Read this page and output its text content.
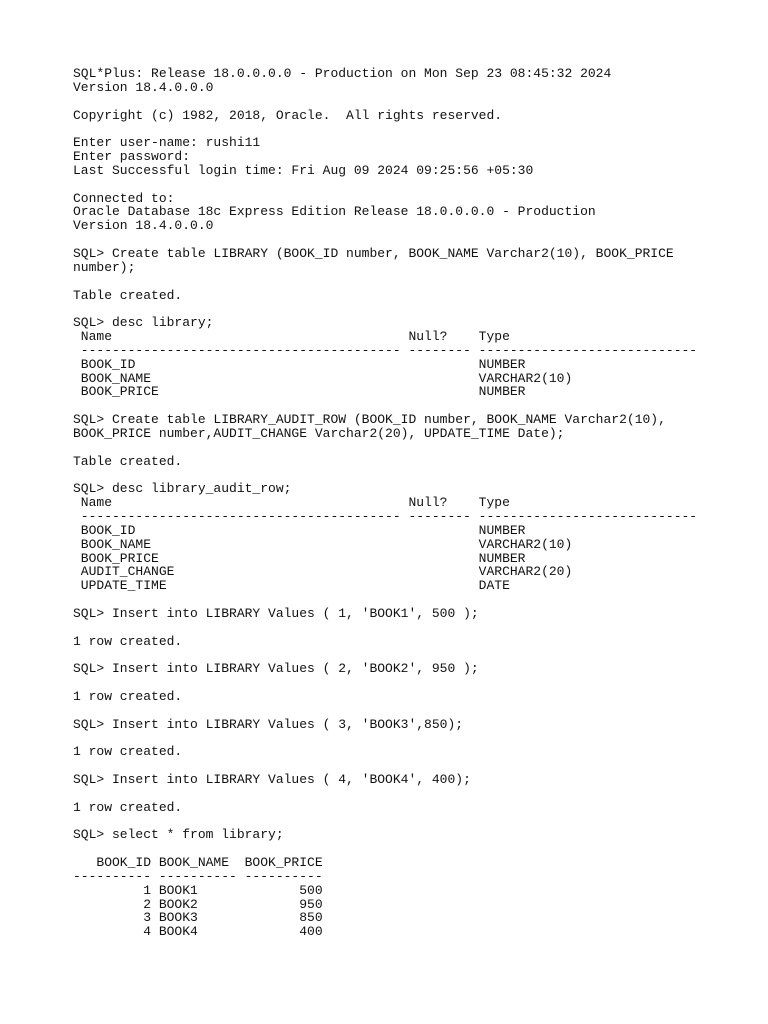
SQL*Plus: Release 18.0.0.0.0 - Production on Mon Sep 23 08:45:32 2024
Version 18.4.0.0.0
Copyright (c) 1982, 2018, Oracle.  All rights reserved.
Enter user-name: rushi11
Enter password:
Last Successful login time: Fri Aug 09 2024 09:25:56 +05:30
Connected to:
Oracle Database 18c Express Edition Release 18.0.0.0.0 - Production
Version 18.4.0.0.0
SQL> Create table LIBRARY (BOOK_ID number, BOOK_NAME Varchar2(10), BOOK_PRICE
number);
Table created.
SQL> desc library;
Name                                      Null?    Type
----------------------------------------- -------- ----------------------------
BOOK_ID                                            NUMBER
BOOK_NAME                                          VARCHAR2(10)
BOOK_PRICE                                         NUMBER
SQL> Create table LIBRARY_AUDIT_ROW (BOOK_ID number, BOOK_NAME Varchar2(10),
BOOK_PRICE number,AUDIT_CHANGE Varchar2(20), UPDATE_TIME Date);
Table created.
SQL> desc library_audit_row;
Name                                      Null?    Type
----------------------------------------- -------- ----------------------------
BOOK_ID                                            NUMBER
BOOK_NAME                                          VARCHAR2(10)
BOOK_PRICE                                         NUMBER
AUDIT_CHANGE                                       VARCHAR2(20)
UPDATE_TIME                                        DATE
SQL> Insert into LIBRARY Values ( 1, 'BOOK1', 500 );
1 row created.
SQL> Insert into LIBRARY Values ( 2, 'BOOK2', 950 );
1 row created.
SQL> Insert into LIBRARY Values ( 3, 'BOOK3',850);
1 row created.
SQL> Insert into LIBRARY Values ( 4, 'BOOK4', 400);
1 row created.
SQL> select * from library;
BOOK_ID BOOK_NAME  BOOK_PRICE
---------- ---------- ----------
1 BOOK1             500
2 BOOK2             950
3 BOOK3             850
4 BOOK4             400
